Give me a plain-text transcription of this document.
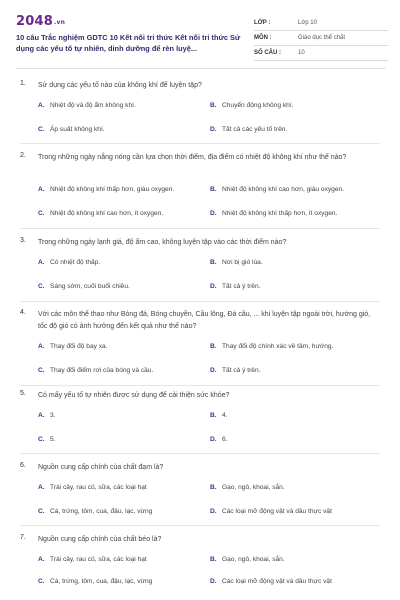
2048.vn
10 câu Trắc nghiệm GDTC 10 Kết nối tri thức Kết nối tri thức Sử dụng các yếu tố tự nhiên, dinh dưỡng để rèn luyệ...
LỚP :	Lớp 10
MÔN :	Giáo dục thể chất
SỐ CÂU :	10
1. Sử dụng các yếu tố nào của không khí để luyện tập?
A. Nhiệt độ và độ ẩm không khí.	B. Chuyển động không khí.
C. Áp suất không khí.	D. Tất cả các yếu tố trên.
2. Trong những ngày nắng nóng cần lựa chọn thời điểm, địa điểm có nhiệt độ không khí như thế nào?
A. Nhiệt độ không khí thấp hơn, giàu oxygen.	B. Nhiệt độ không khí cao hơn, giàu oxygen.
C. Nhiệt độ không khí cao hơn, ít oxygen.	D. Nhiệt độ không khí thấp hơn, ít oxygen.
3. Trong những ngày lạnh giá, độ ẩm cao, không luyện tập vào các thời điểm nào?
A. Có nhiệt độ thấp.	B. Nơi bị gió lùa.
C. Sáng sớm, cuối buổi chiều.	D. Tất cả ý trên.
4. Với các môn thể thao như Bóng đá, Bóng chuyền, Cầu lông, Đá cầu, ... khi luyện tập ngoài trời, hướng gió, tốc độ gió có ảnh hưởng đến kết quả như thế nào?
A. Thay đổi độ bay xa.	B. Thay đổi độ chính xác về tầm, hướng.
C. Thay đổi điểm rơi của bóng và cầu.	D. Tất cả ý trên.
5. Có mấy yếu tố tự nhiên được sử dụng để cải thiện sức khỏe?
A. 3.	B. 4.
C. 5.	D. 6.
6. Nguồn cung cấp chính của chất đạm là?
A. Trái cây, rau củ, sữa, các loại hạt	B. Gạo, ngô, khoai, sắn.
C. Cá, trứng, tôm, cua, đậu, lạc, vừng	D. Các loại mỡ động vật và dầu thực vật
7. Nguồn cung cấp chính của chất béo là?
A. Trái cây, rau củ, sữa, các loại hạt	B. Gạo, ngô, khoai, sắn.
C. Cá, trứng, tôm, cua, đậu, lạc, vừng	D. Các loại mỡ động vật và dầu thực vật
